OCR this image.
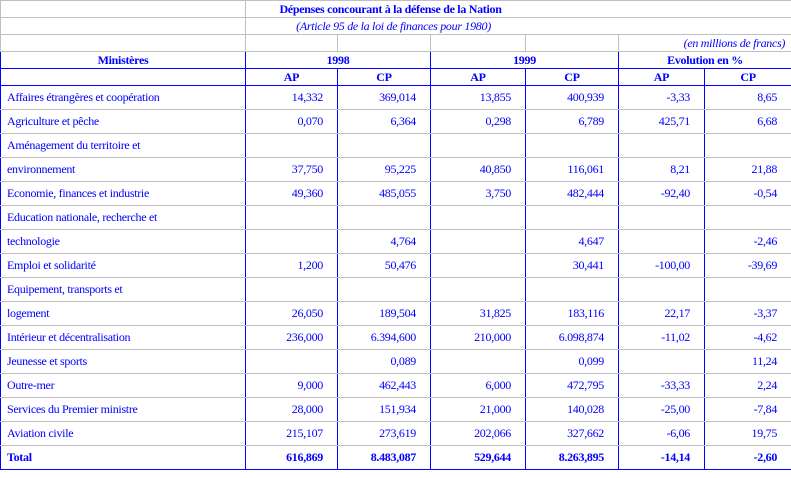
	Dépenses concourant à la défense de la Nation					
	(Article 95 de la loi de finances pour 1980)					
					(en millions de francs)	
Ministères	1998		1999		Evolution en %	
	AP	CP	AP	CP	AP	CP
Affaires étrangères et coopération	14,332	369,014	13,855	400,939	-3,33	8,65
Agriculture et pêche	0,070	6,364	0,298	6,789	425,71	6,68
Aménagement du territoire et						
environnement	37,750	95,225	40,850	116,061	8,21	21,88
Economie, finances et industrie	49,360	485,055	3,750	482,444	-92,40	-0,54
Education nationale, recherche et						
technologie		4,764		4,647		-2,46
Emploi et solidarité	1,200	50,476		30,441	-100,00	-39,69
Equipement, transports et						
logement	26,050	189,504	31,825	183,116	22,17	-3,37
Intérieur et décentralisation	236,000	6.394,600	210,000	6.098,874	-11,02	-4,62
Jeunesse et sports		0,089		0,099		11,24
Outre-mer	9,000	462,443	6,000	472,795	-33,33	2,24
Services du Premier ministre	28,000	151,934	21,000	140,028	-25,00	-7,84
Aviation civile	215,107	273,619	202,066	327,662	-6,06	19,75
Total	616,869	8.483,087	529,644	8.263,895	-14,14	-2,60
